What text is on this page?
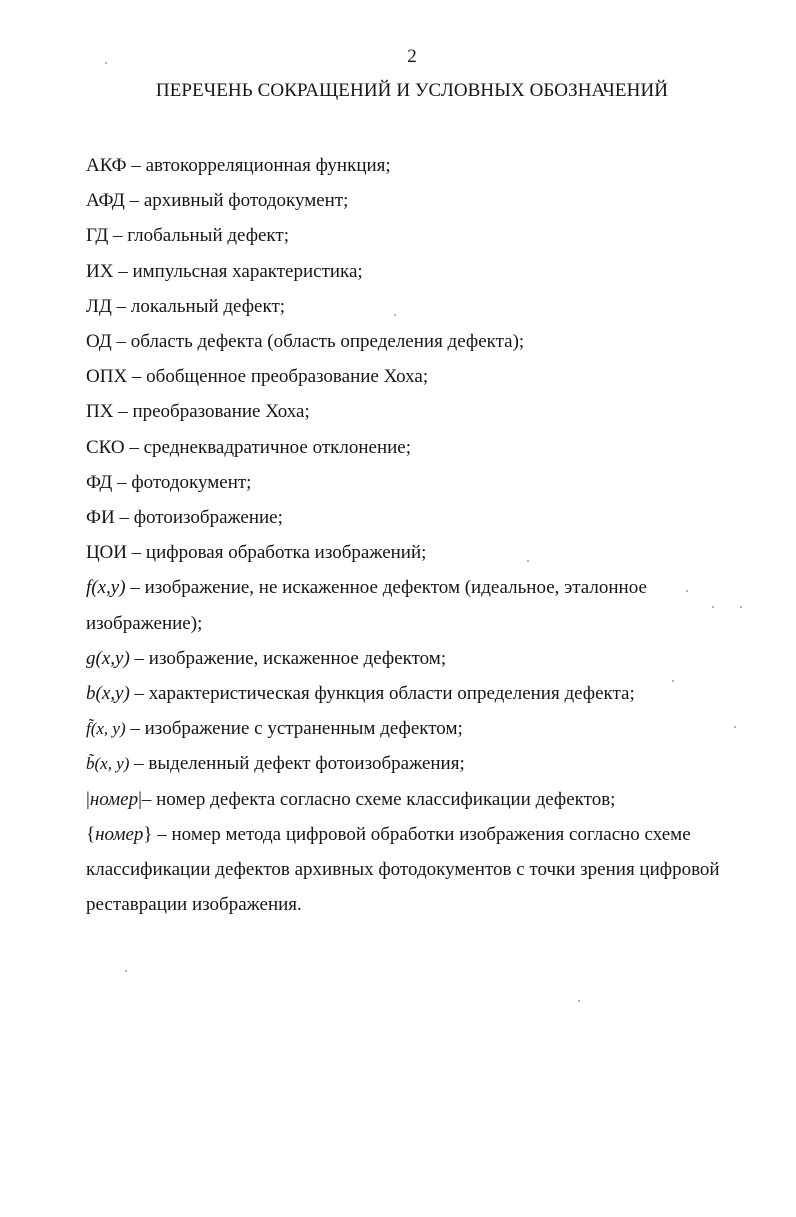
2
ПЕРЕЧЕНЬ СОКРАЩЕНИЙ И УСЛОВНЫХ ОБОЗНАЧЕНИЙ

АКФ – автокорреляционная функция;

АФД – архивный фотодокумент;

ГД – глобальный дефект;

ИХ – импульсная характеристика;

ЛД – локальный дефект;

ОД – область дефекта (область определения дефекта);

ОПХ – обобщенное преобразование Хоха;

ПХ – преобразование Хоха;

СКО – среднеквадратичное отклонение;

ФД – фотодокумент;

ФИ – фотоизображение;

ЦОИ – цифровая обработка изображений;

f(x,y) – изображение, не искаженное дефектом (идеальное, эталонное изображение);

g(x,y) – изображение, искаженное дефектом;

b(x,y) – характеристическая функция области определения дефекта;

f̃(x, y) – изображение с устраненным дефектом;

b̃(x, y) – выделенный дефект фотоизображения;

|номер|– номер дефекта согласно схеме классификации дефектов;

{номер} – номер метода цифровой обработки изображения согласно схеме классификации дефектов архивных фотодокументов с точки зрения цифровой реставрации изображения.
